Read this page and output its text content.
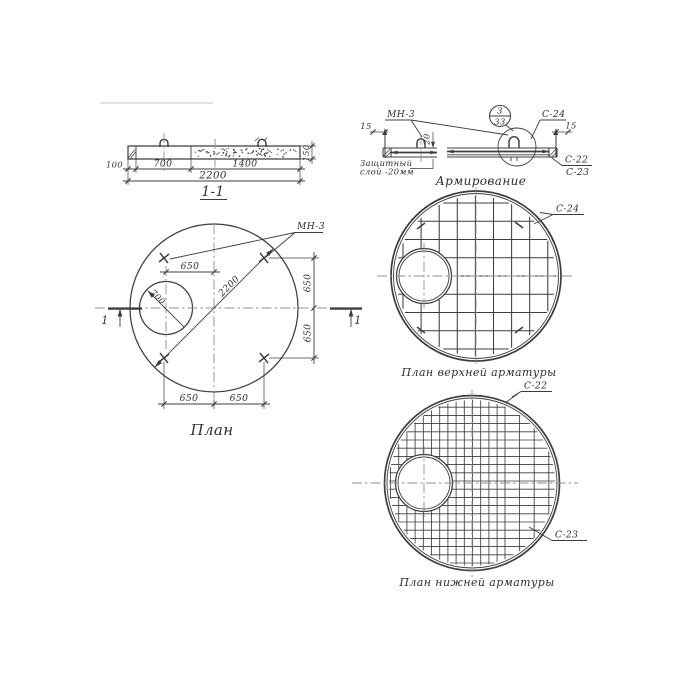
100	700	1400
2200
150
1-1
15	15
20
3
33
МН-3	С-24
С-22
С-23
Защитный
слой -20мм
Армирование
1	1
2200
700
МН-3
650
650
650
650	650
План
С-24
План верхней арматуры
С-22
С-23
План нижней арматуры
